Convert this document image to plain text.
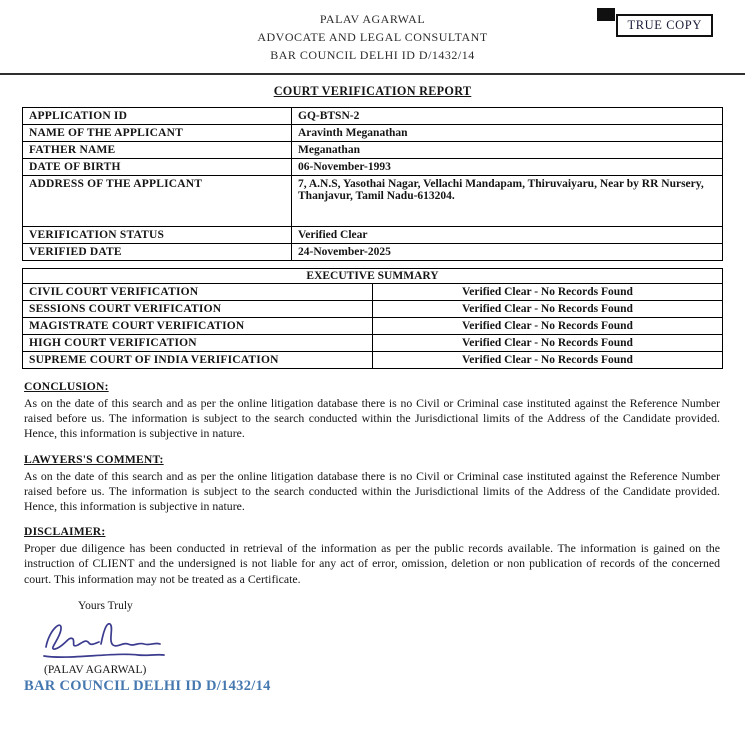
TRUE COPY
PALAV AGARWAL
ADVOCATE AND LEGAL CONSULTANT
BAR COUNCIL DELHI ID D/1432/14
COURT VERIFICATION REPORT
APPLICATION ID	GQ-BTSN-2
NAME OF THE APPLICANT	Aravinth Meganathan
FATHER NAME	Meganathan
DATE OF BIRTH	06-November-1993
ADDRESS OF THE APPLICANT	7, A.N.S, Yasothai Nagar, Vellachi Mandapam, Thiruvaiyaru, Near by RR Nursery, Thanjavur, Tamil Nadu-613204.
VERIFICATION STATUS	Verified Clear
VERIFIED DATE	24-November-2025
EXECUTIVE SUMMARY	
CIVIL COURT VERIFICATION	Verified Clear - No Records Found
SESSIONS COURT VERIFICATION	Verified Clear - No Records Found
MAGISTRATE COURT VERIFICATION	Verified Clear - No Records Found
HIGH COURT VERIFICATION	Verified Clear - No Records Found
SUPREME COURT OF INDIA VERIFICATION	Verified Clear - No Records Found
CONCLUSION:

As on the date of this search and as per the online litigation database there is no Civil or Criminal case instituted against the Reference Number raised before us. The information is subject to the search conducted within the Jurisdictional limits of the Address of the Candidate provided. Hence, this information is subjective in nature.

LAWYERS'S COMMENT:

As on the date of this search and as per the online litigation database there is no Civil or Criminal case instituted against the Reference Number raised before us. The information is subject to the search conducted within the Jurisdictional limits of the Address of the Candidate provided. Hence, this information is subjective in nature.

DISCLAIMER:

Proper due diligence has been conducted in retrieval of the information as per the public records available. The information is gained on the instruction of CLIENT and the undersigned is not liable for any act of error, omission, deletion or non publication of records of the concerned court. This information may not be treated as a Certificate.

Yours Truly
(PALAV AGARWAL)
BAR COUNCIL DELHI ID D/1432/14
